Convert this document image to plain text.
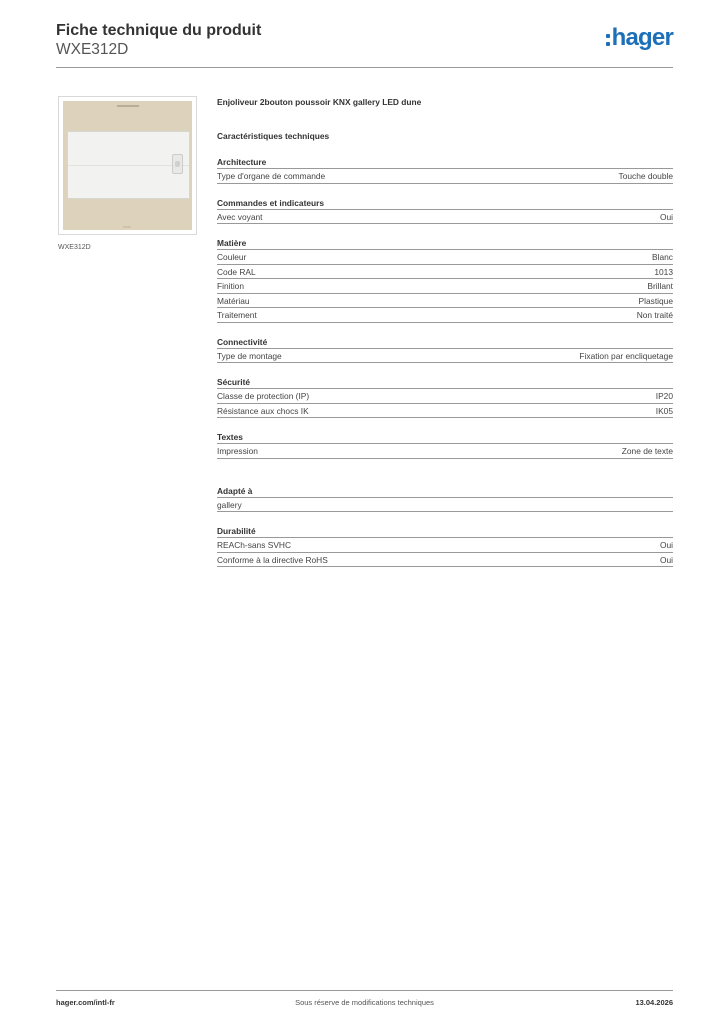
Fiche technique du produit
WXE312D	hager
WXE312D
Enjoliveur 2bouton poussoir KNX gallery LED dune
Caractéristiques techniques
Architecture
Type d'organe de commande	Touche double
Commandes et indicateurs
Avec voyant	Oui
Matière
Couleur	Blanc
Code RAL	1013
Finition	Brillant
Matériau	Plastique
Traitement	Non traité
Connectivité
Type de montage	Fixation par encliquetage
Sécurité
Classe de protection (IP)	IP20
Résistance aux chocs IK	IK05
Textes
Impression	Zone de texte
Adapté à
gallery
Durabilité
REACh-sans SVHC	Oui
Conforme à la directive RoHS	Oui
hager.com/intl-fr	Sous réserve de modifications techniques	13.04.2026
